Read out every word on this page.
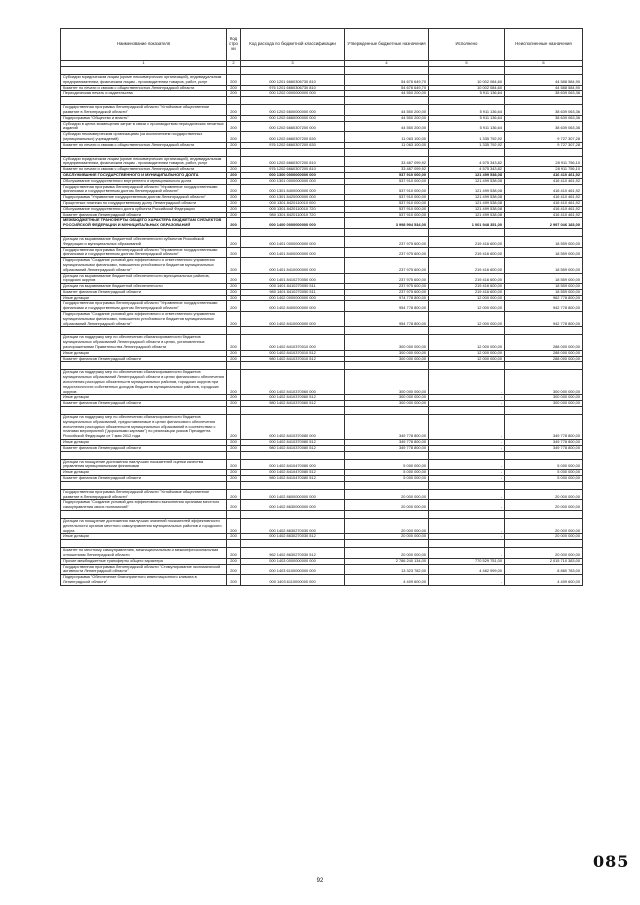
Наименование показателя	Код стро ки	Код расхода по бюджетной классификации	Утвержденные бюджетные назначения	Исполнено	Неисполненные назначения
1	2	3	4	5	6

Субсидии юридическим лицам (кроме некоммерческих организаций), индивидуальным предпринимателям, физическим лицам - производителям товаров, работ, услуг	200	000 1201 6660306730 810	54 676 649,70	10 002 084,60	44 588 584,90
Комитет по печати и связям с общественностью Ленинградской области	200	976 1201 6660306730 810	54 676 649,70	10 002 084,60	44 588 584,90
Периодическая печать и издательства	200	000 1202 0000000000 000	44 550 200,00	5 911 136,64	38 639 063,36

Государственная программа Ленинградской области "Устойчивое общественное развитие в Ленинградской области"	200	000 1202 6600000000 000	44 550 200,00	5 911 136,64	38 639 063,36
Подпрограмма "Общество и власть"	200	000 1202 6660000000 000	44 550 200,00	5 911 136,64	38 639 063,36
Субсидии в целях возмещения затрат в связи с производством периодических печатных изданий	200	000 1202 6660307200 000	44 550 200,00	5 911 136,64	38 639 063,36
Субсидии некоммерческим организациям (за исключением государственных (муниципальных) учреждений)	200	000 1202 6660307200 630	11 063 100,00	1 335 792,92	9 727 307,28
Комитет по печати и связям с общественностью Ленинградской области	200	976 1202 6660307200 630	11 063 100,00	1 335 792,92	9 727 307,28

Субсидии юридическим лицам (кроме некоммерческих организаций), индивидуальным предпринимателям, физическим лицам - производителям товаров, работ, услуг	200	000 1202 6660307200 810	33 487 099,92	4 575 343,82	28 911 756,10
Комитет по печати и связям с общественностью Ленинградской области	200	976 1202 6660307200 810	33 487 099,92	4 575 343,82	28 911 756,10
ОБСЛУЖИВАНИЕ ГОСУДАРСТВЕННОГО И МУНИЦИПАЛЬНОГО ДОЛГА	200	000 1300 0000000000 000	537 910 000,00	121 499 538,08	416 410 461,92
Обслуживание государственного внутреннего и муниципального долга	200	000 1301 0000000000 000	537 910 000,00	121 499 538,08	416 410 461,92
Государственная программа Ленинградской области "Управление государственными финансами и государственным долгом Ленинградской области"	200	000 1301 8400000000 000	537 910 000,00	121 499 538,08	416 410 461,92
Подпрограмма "Управление государственным долгом Ленинградской области"	200	000 1301 8420000000 000	537 910 000,00	121 499 538,08	416 410 461,92
Процентные платежи по государственному долгу Ленинградской области	200	000 1301 8420110010 000	537 910 000,00	121 499 538,08	416 410 461,92
Обслуживание государственного долга субъекта Российской Федерации	200	000 1301 8420110010 720	537 910 000,00	121 499 538,08	416 410 461,92
Комитет финансов Ленинградской области	200	980 1301 8420110010 720	537 910 000,00	121 499 538,08	416 410 461,92
МЕЖБЮДЖЕТНЫЕ ТРАНСФЕРТЫ ОБЩЕГО ХАРАКТЕРА БЮДЖЕТАМ СУБЪЕКТОВ РОССИЙСКОЙ ФЕДЕРАЦИИ И МУНИЦИПАЛЬНЫХ ОБРАЗОВАНИЙ	200	000 1400 0000000000 000	3 998 994 534,00	1 001 948 351,00	2 997 046 183,00

Дотации на выравнивание бюджетной обеспеченности субъектов Российской Федерации и муниципальных образований	200	000 1401 0000000000 000	237 975 600,00	219 416 600,00	18 559 000,00
Государственная программа Ленинградской области "Управление государственными финансами и государственным долгом Ленинградской области"	200	000 1401 8400000000 000	237 975 600,00	219 416 600,00	18 559 000,00
Подпрограмма "Создание условий для эффективного и ответственного управления муниципальными финансами, повышения устойчивости бюджетов муниципальных образований Ленинградской области"	200	000 1401 8410000000 000	237 975 600,00	219 416 600,00	18 559 000,00
Дотации на выравнивание бюджетной обеспеченности муниципальных районов, городских округов	200	000 1401 8410270050 000	237 975 600,00	219 416 600,00	18 559 000,00
Дотации на выравнивание бюджетной обеспеченности	200	000 1401 8410270050 511	237 975 600,00	219 416 600,00	18 559 000,00
Комитет финансов Ленинградской области	200	980 1401 8410270050 511	237 975 600,00	219 416 600,00	18 559 000,00
Иные дотации	200	000 1402 0000000000 000	974 778 800,00	12 000 000,00	962 778 800,00
Государственная программа Ленинградской области "Управление государственными финансами и государственным долгом Ленинградской области"	200	000 1402 8400000000 000	954 778 800,00	12 000 000,00	942 778 800,00
Подпрограмма "Создание условий для эффективного и ответственного управления муниципальными финансами, повышения устойчивости бюджетов муниципальных образований Ленинградской области"	200	000 1402 8410000000 000	954 778 800,00	12 000 000,00	942 778 800,00

Дотации на поддержку мер по обеспечению сбалансированности бюджетов муниципальных образований Ленинградской области в целях, установленных распоряжениями Правительства Ленинградской области	200	000 1402 8410370010 000	300 000 000,00	12 000 000,00	288 000 000,00
Иные дотации	200	000 1402 8410370010 512	300 000 000,00	12 000 000,00	288 000 000,00
Комитет финансов Ленинградской области	200	980 1402 8410370010 512	300 000 000,00	12 000 000,00	288 000 000,00

Дотации на поддержку мер по обеспечению сбалансированности бюджетов муниципальных образований Ленинградской области в целях финансового обеспечения исполнения расходных обязательств муниципальных районов, городских округов при недостаточности собственных доходов бюджетов муниципальных районов, городских округов	200	000 1402 8410370060 000	300 000 000,00	-	300 000 000,00
Иные дотации	200	000 1402 8410370060 512	300 000 000,00	-	300 000 000,00
Комитет финансов Ленинградской области	200	980 1402 8410370060 512	300 000 000,00	-	300 000 000,00

Дотации на поддержку мер по обеспечению сбалансированности бюджетов муниципальных образований, предоставляемые в целях финансового обеспечения исполнения расходных обязательств муниципальных образований в соответствии с планами мероприятий ("дорожными картами") по реализации указов Президента Российской Федерации от 7 мая 2012 года	200	000 1402 8410370080 000	349 778 800,00	-	349 778 800,00
Иные дотации	200	000 1402 8410370080 512	349 778 800,00	-	349 778 800,00
Комитет финансов Ленинградской области	200	980 1402 8410370080 512	349 778 800,00	-	349 778 800,00

Дотации на поощрение достижения наилучших показателей оценки качества управления муниципальными финансами	200	000 1402 8410470080 000	5 000 000,00	-	5 000 000,00
Иные дотации	200	000 1402 8410470080 512	5 000 000,00	-	5 000 000,00
Комитет финансов Ленинградской области	200	980 1402 8410470080 512	5 000 000,00	-	5 000 000,00

Государственная программа Ленинградской области "Устойчивое общественное развитие в Ленинградской области"	200	000 1402 8600000000 000	20 000 000,00	-	20 000 000,00
Подпрограмма "Создание условий для эффективного выполнения органами местного самоуправления своих полномочий"	200	000 1402 8630000000 000	20 000 000,00	-	20 000 000,00

Дотации на поощрение достижения наилучших значений показателей эффективности деятельности органов местного самоуправления муниципальных районов и городского округа	200	000 1402 8630270030 000	20 000 000,00	-	20 000 000,00
Иные дотации	200	000 1402 8630270030 512	20 000 000,00	-	20 000 000,00

Комитет по местному самоуправлению, межнациональным и межконфессиональным отношениям Ленинградской области	200	962 1402 8630270030 512	20 000 000,00	-	20 000 000,00
Прочие межбюджетные трансферты общего характера	200	000 1403 0000000000 000	2 786 240 134,00	770 529 751,00	2 015 710 383,00
Государственная программа Ленинградской области "Стимулирование экономической активности Ленинградской области"	200	000 1403 6100000000 000	13 323 782,00	4 462 999,00	8 860 783,00
Подпрограмма "Обеспечение благоприятного инвестиционного климата в Ленинградской области"	200	000 1403 6110000000 000	4 409 600,00	-	4 409 600,00
92
085
